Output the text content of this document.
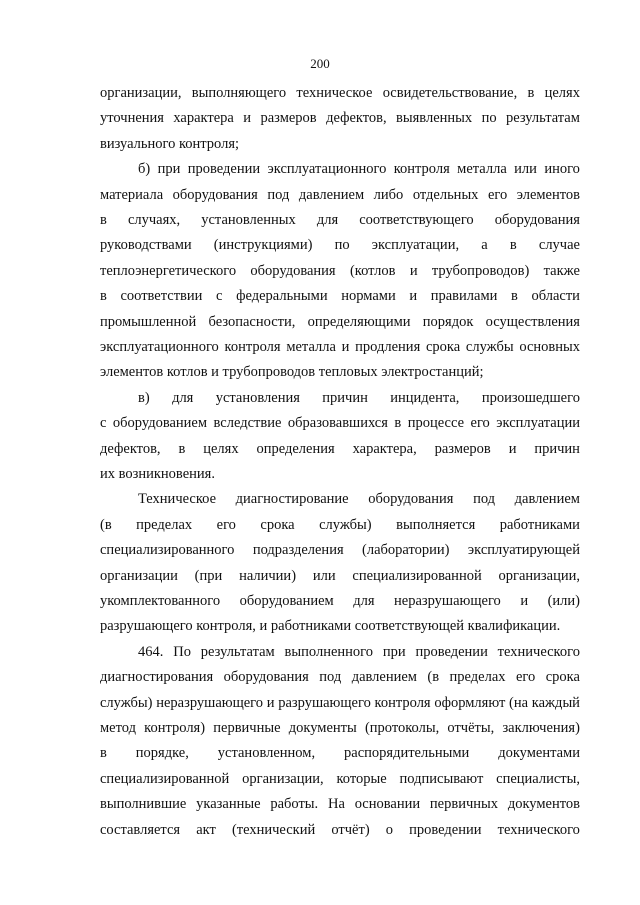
200
организации, выполняющего техническое освидетельствование, в целях
уточнения характера и размеров дефектов, выявленных по результатам
визуального контроля;
б) при проведении эксплуатационного контроля металла или иного
материала оборудования под давлением либо отдельных его элементов
в случаях, установленных для соответствующего оборудования
руководствами (инструкциями) по эксплуатации, а в случае
теплоэнергетического оборудования (котлов и трубопроводов) также
в соответствии с федеральными нормами и правилами в области
промышленной безопасности, определяющими порядок осуществления
эксплуатационного контроля металла и продления срока службы основных
элементов котлов и трубопроводов тепловых электростанций;
в) для установления причин инцидента, произошедшего
с оборудованием вследствие образовавшихся в процессе его эксплуатации
дефектов, в целях определения характера, размеров и причин
их возникновения.
Техническое диагностирование оборудования под давлением
(в пределах его срока службы) выполняется работниками
специализированного подразделения (лаборатории) эксплуатирующей
организации (при наличии) или специализированной организации,
укомплектованного оборудованием для неразрушающего и (или)
разрушающего контроля, и работниками соответствующей квалификации.
464. По результатам выполненного при проведении технического
диагностирования оборудования под давлением (в пределах его срока
службы) неразрушающего и разрушающего контроля оформляют (на каждый
метод контроля) первичные документы (протоколы, отчёты, заключения)
в порядке, установленном, распорядительными документами
специализированной организации, которые подписывают специалисты,
выполнившие указанные работы. На основании первичных документов
составляется акт (технический отчёт) о проведении технического
